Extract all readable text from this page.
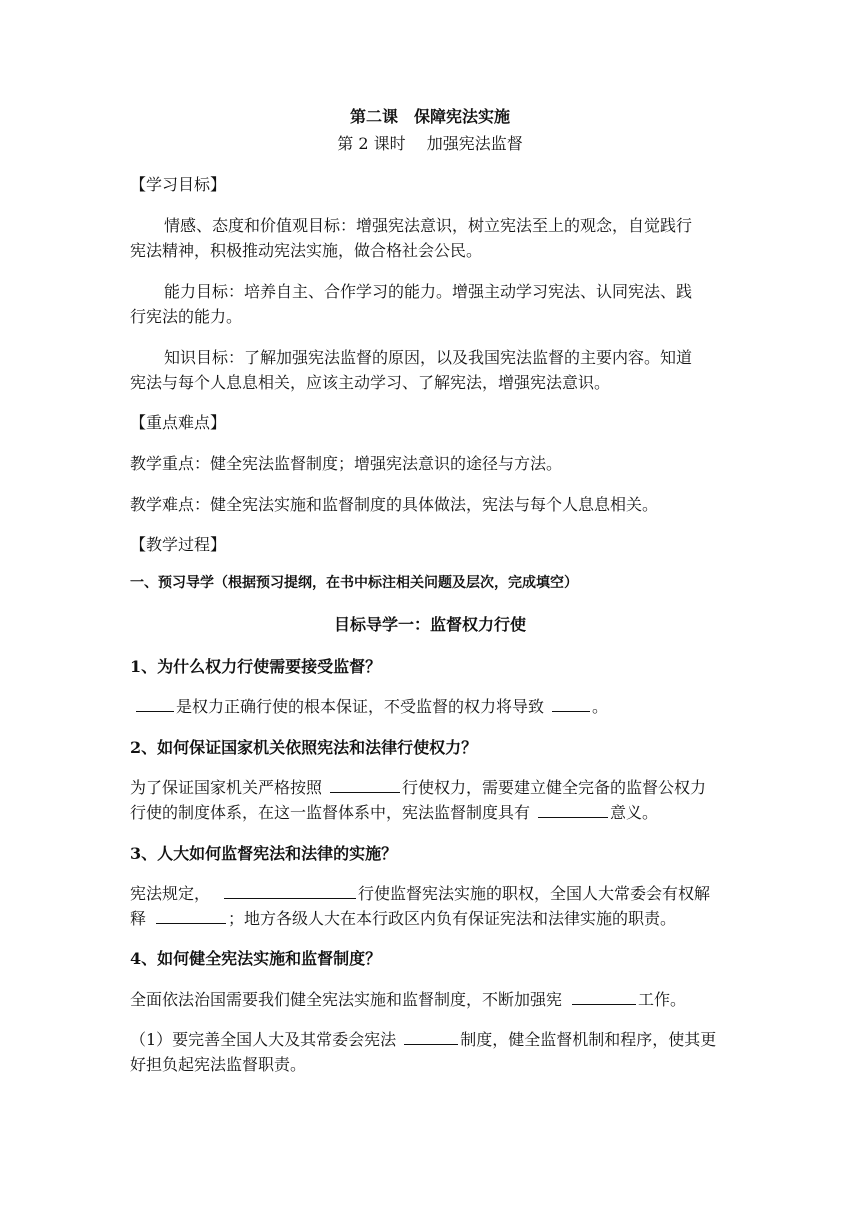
第二课　保障宪法实施
第 2 课时　 加强宪法监督
【学习目标】
情感、态度和价值观目标：增强宪法意识，树立宪法至上的观念，自觉践行
宪法精神，积极推动宪法实施，做合格社会公民。
能力目标：培养自主、合作学习的能力。增强主动学习宪法、认同宪法、践
行宪法的能力。
知识目标：了解加强宪法监督的原因，以及我国宪法监督的主要内容。知道
宪法与每个人息息相关，应该主动学习、了解宪法，增强宪法意识。
【重点难点】
教学重点：健全宪法监督制度；增强宪法意识的途径与方法。
教学难点：健全宪法实施和监督制度的具体做法，宪法与每个人息息相关。
【教学过程】
一、预习导学（根据预习提纲，在书中标注相关问题及层次，完成填空）
目标导学一：监督权力行使
1、为什么权力行使需要接受监督？
是权力正确行使的根本保证，不受监督的权力将导致	。
2、如何保证国家机关依照宪法和法律行使权力？
为了保证国家机关严格按照	行使权力，需要建立健全完备的监督公权力
行使的制度体系，在这一监督体系中，宪法监督制度具有	意义。
3、人大如何监督宪法和法律的实施？
宪法规定，	行使监督宪法实施的职权，全国人大常委会有权解
释	；地方各级人大在本行政区内负有保证宪法和法律实施的职责。
4、如何健全宪法实施和监督制度？
全面依法治国需要我们健全宪法实施和监督制度，不断加强宪	工作。
（1）要完善全国人大及其常委会宪法	制度，健全监督机制和程序，使其更
好担负起宪法监督职责。
